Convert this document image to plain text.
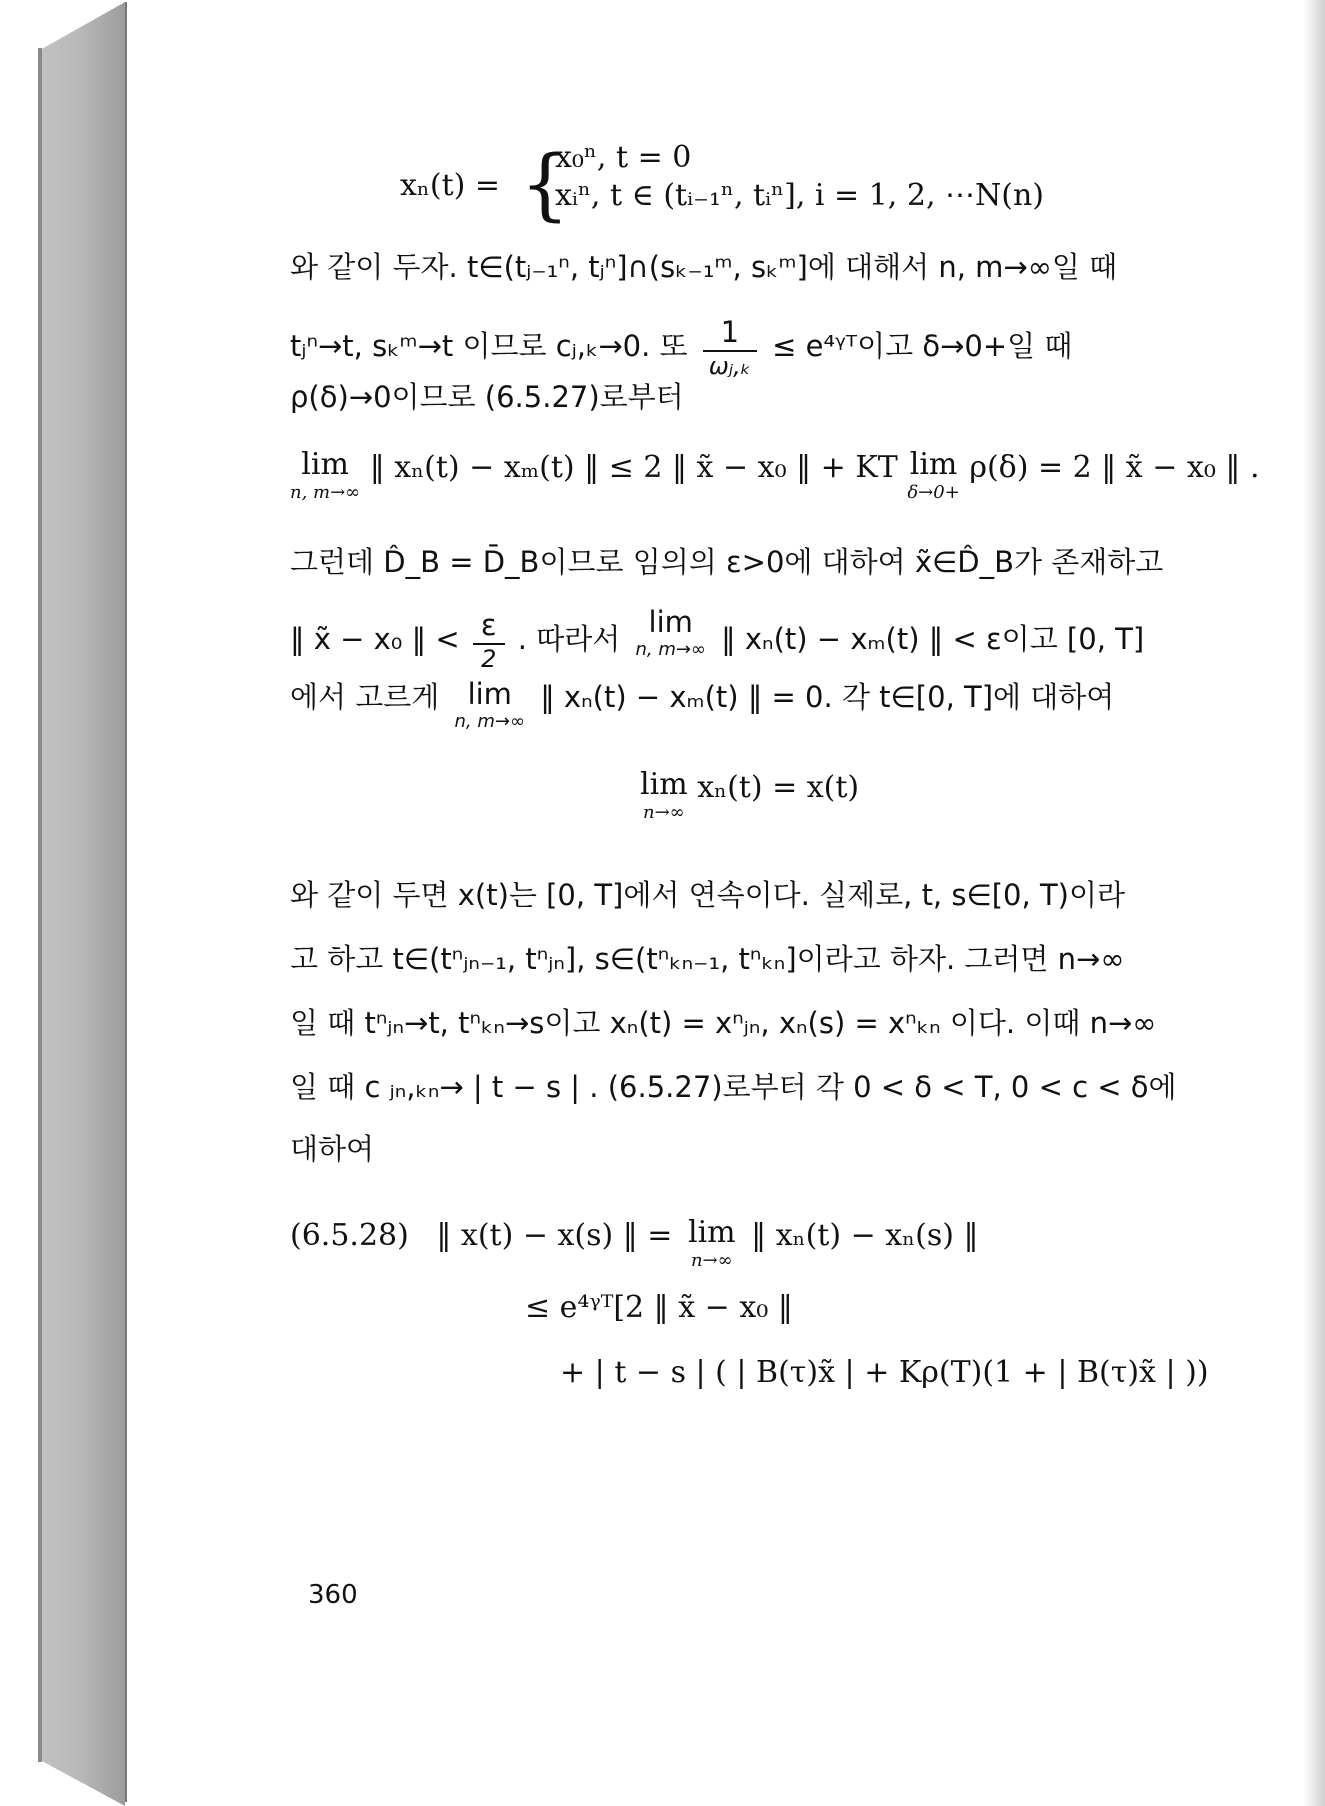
xₙ(t) = {
x₀ⁿ, t = 0
xᵢⁿ, t ∈ (tᵢ₋₁ⁿ, tᵢⁿ], i = 1, 2, ⋯N(n)
와 같이 두자. t∈(tⱼ₋₁ⁿ, tⱼⁿ]∩(sₖ₋₁ᵐ, sₖᵐ]에 대해서 n, m→∞일 때
tⱼⁿ→t, sₖᵐ→t 이므로 cⱼ,ₖ→0. 또 $\frac{1}{\text{ωⱼ,ₖ}}$ ≤ e⁴ᵞᵀ이고 δ→0+일 때
ρ(δ)→0이므로 (6.5.27)로부터
lim
n, m→∞
‖ xₙ(t) − xₘ(t) ‖ ≤ 2 ‖ x̃ − x₀ ‖ + KT lim
δ→0+
ρ(δ) = 2 ‖ x̃ − x₀ ‖ .
그런데 D̂_B = D̄_B이므로 임의의 ε>0에 대하여 x̃∈D̂_B가 존재하고
‖ x̃ − x₀ ‖ < $\frac{\varepsilon}{2}$ . 따라서 lim
n, m→∞ ‖ xₙ(t) − xₘ(t) ‖ < ε이고 [0, T]
에서 고르게 lim
n, m→∞
‖ xₙ(t) − xₘ(t) ‖ = 0. 각 t∈[0, T]에 대하여
lim
n→∞
xₙ(t) = x(t)
와 같이 두면 x(t)는 [0, T]에서 연속이다. 실제로, t, s∈[0, T)이라
고 하고 t∈(tⁿⱼₙ₋₁, tⁿⱼₙ], s∈(tⁿₖₙ₋₁, tⁿₖₙ]이라고 하자. 그러면 n→∞
일 때 tⁿⱼₙ→t, tⁿₖₙ→s이고 xₙ(t) = xⁿⱼₙ, xₙ(s) = xⁿₖₙ 이다. 이때 n→∞
일 때 c ⱼₙ,ₖₙ→ | t − s | . (6.5.27)로부터 각 0 < δ < T, 0 < c < δ에
대하여
(6.5.28) ‖ x(t) − x(s) ‖ = lim
n→∞
‖ xₙ(t) − xₙ(s) ‖
≤ e⁴ᵞᵀ[2 ‖ x̃ − x₀ ‖
+ | t − s | ( | B(τ)x̃ | + Kρ(T)(1 + | B(τ)x̃ | ))
360
